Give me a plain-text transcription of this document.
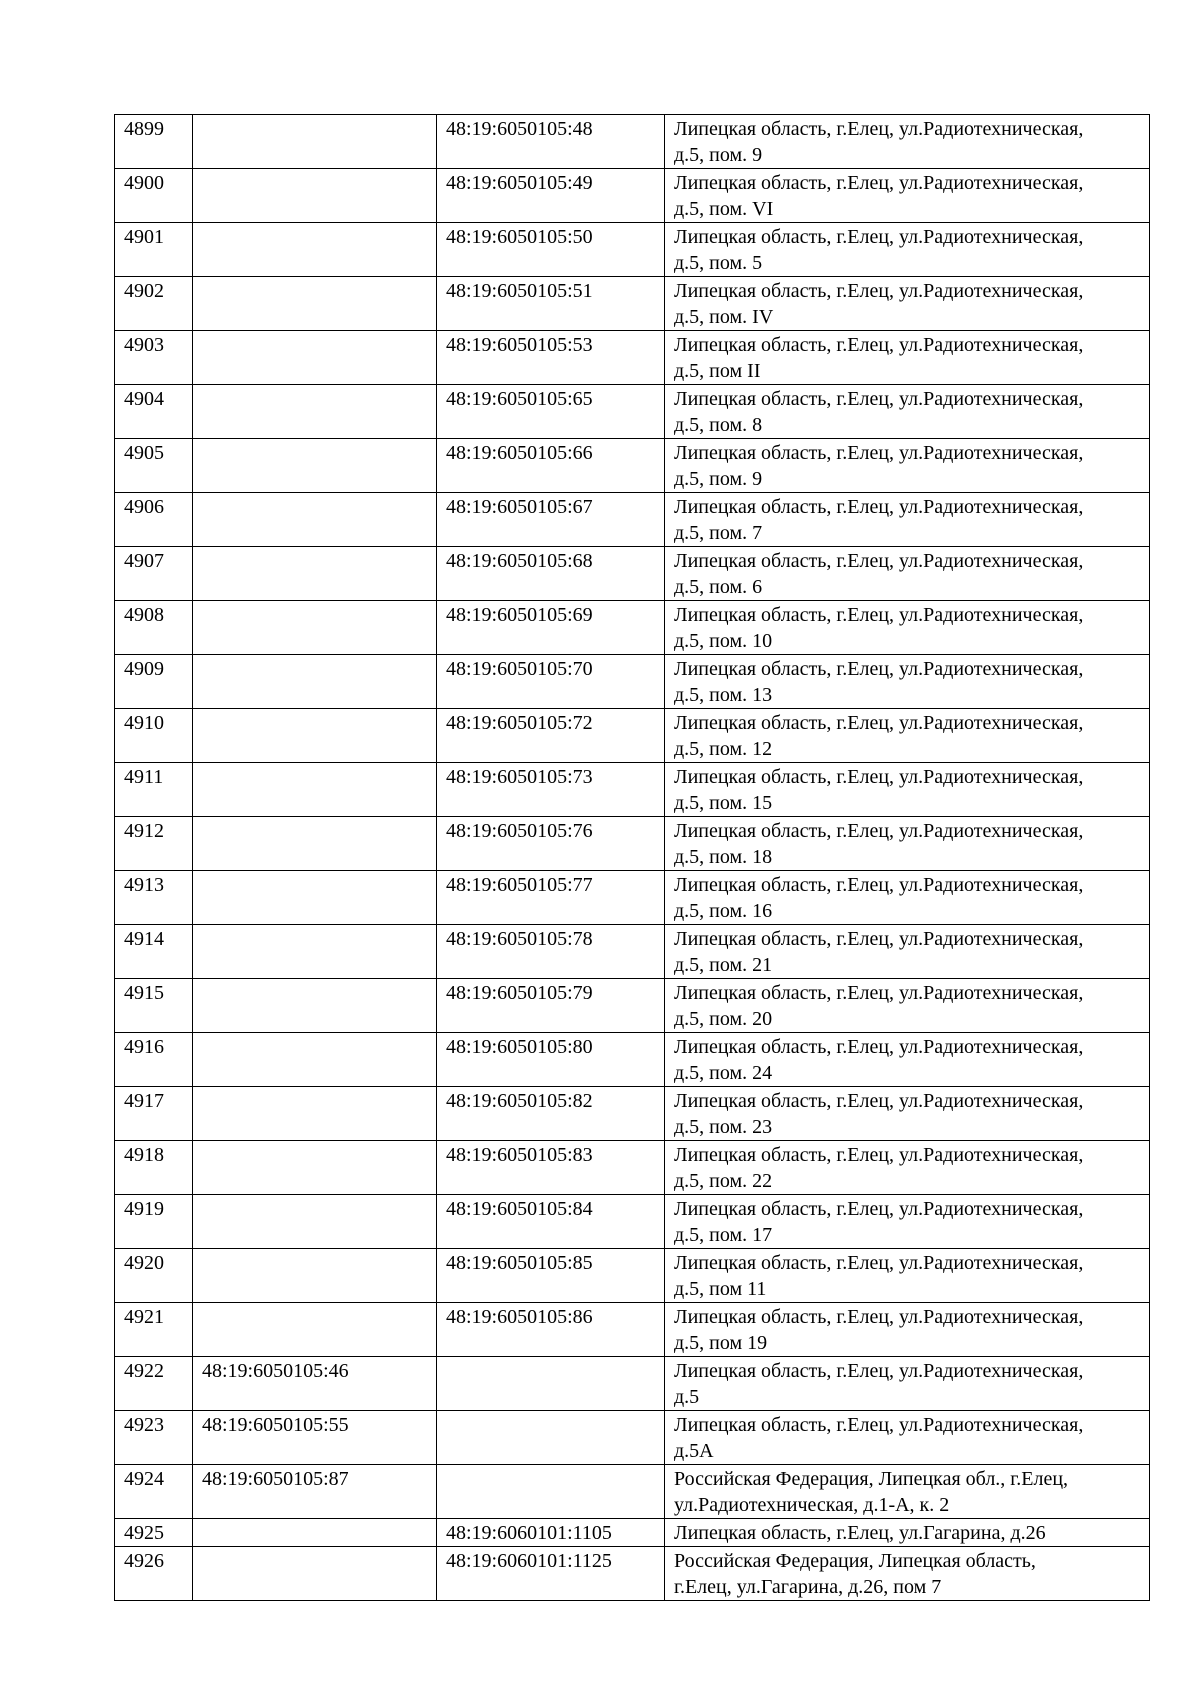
4899		48:19:6050105:48	Липецкая область, г.Елец, ул.Радиотехническая,
д.5, пом. 9

4900		48:19:6050105:49	Липецкая область, г.Елец, ул.Радиотехническая,
д.5, пом. VI

4901		48:19:6050105:50	Липецкая область, г.Елец, ул.Радиотехническая,
д.5, пом. 5

4902		48:19:6050105:51	Липецкая область, г.Елец, ул.Радиотехническая,
д.5, пом. IV

4903		48:19:6050105:53	Липецкая область, г.Елец, ул.Радиотехническая,
д.5, пом II

4904		48:19:6050105:65	Липецкая область, г.Елец, ул.Радиотехническая,
д.5, пом. 8

4905		48:19:6050105:66	Липецкая область, г.Елец, ул.Радиотехническая,
д.5, пом. 9

4906		48:19:6050105:67	Липецкая область, г.Елец, ул.Радиотехническая,
д.5, пом. 7

4907		48:19:6050105:68	Липецкая область, г.Елец, ул.Радиотехническая,
д.5, пом. 6

4908		48:19:6050105:69	Липецкая область, г.Елец, ул.Радиотехническая,
д.5, пом. 10

4909		48:19:6050105:70	Липецкая область, г.Елец, ул.Радиотехническая,
д.5, пом. 13

4910		48:19:6050105:72	Липецкая область, г.Елец, ул.Радиотехническая,
д.5, пом. 12

4911		48:19:6050105:73	Липецкая область, г.Елец, ул.Радиотехническая,
д.5, пом. 15

4912		48:19:6050105:76	Липецкая область, г.Елец, ул.Радиотехническая,
д.5, пом. 18

4913		48:19:6050105:77	Липецкая область, г.Елец, ул.Радиотехническая,
д.5, пом. 16

4914		48:19:6050105:78	Липецкая область, г.Елец, ул.Радиотехническая,
д.5, пом. 21

4915		48:19:6050105:79	Липецкая область, г.Елец, ул.Радиотехническая,
д.5, пом. 20

4916		48:19:6050105:80	Липецкая область, г.Елец, ул.Радиотехническая,
д.5, пом. 24

4917		48:19:6050105:82	Липецкая область, г.Елец, ул.Радиотехническая,
д.5, пом. 23

4918		48:19:6050105:83	Липецкая область, г.Елец, ул.Радиотехническая,
д.5, пом. 22

4919		48:19:6050105:84	Липецкая область, г.Елец, ул.Радиотехническая,
д.5, пом. 17

4920		48:19:6050105:85	Липецкая область, г.Елец, ул.Радиотехническая,
д.5, пом 11

4921		48:19:6050105:86	Липецкая область, г.Елец, ул.Радиотехническая,
д.5, пом 19

4922	48:19:6050105:46		Липецкая область, г.Елец, ул.Радиотехническая,
д.5

4923	48:19:6050105:55		Липецкая область, г.Елец, ул.Радиотехническая,
д.5А

4924	48:19:6050105:87		Российская Федерация, Липецкая обл., г.Елец,
ул.Радиотехническая, д.1-А, к. 2

4925		48:19:6060101:1105	Липецкая область, г.Елец, ул.Гагарина, д.26

4926		48:19:6060101:1125	Российская Федерация, Липецкая область,
г.Елец, ул.Гагарина, д.26, пом 7
